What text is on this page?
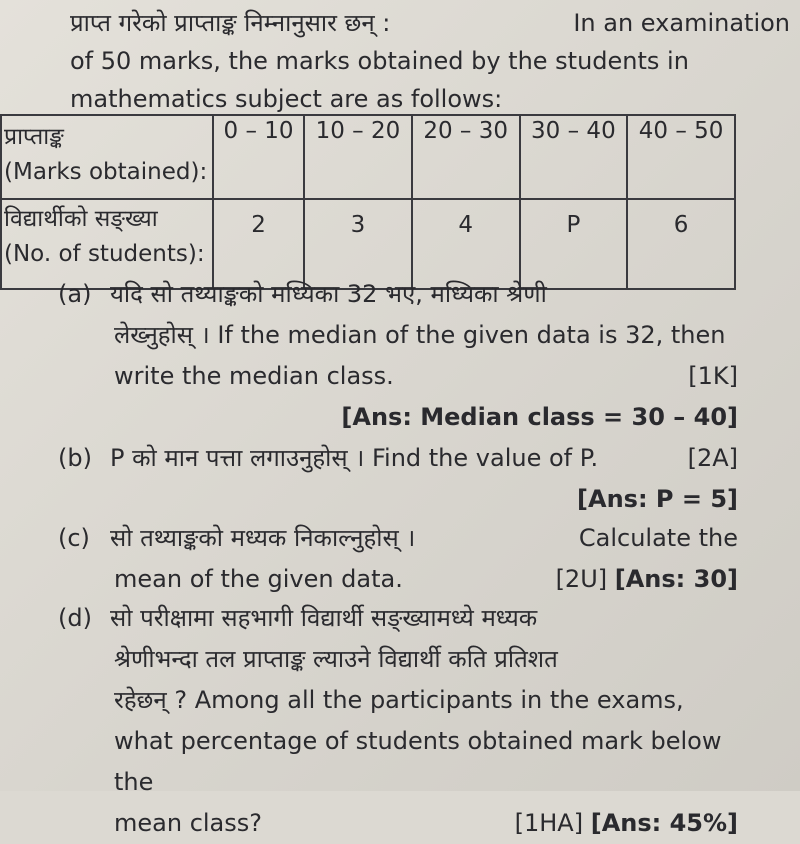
प्राप्त गरेको प्राप्ताङ्क निम्नानुसार छन् :	In an examination
of 50 marks, the marks obtained by the students in
mathematics subject are as follows:
प्राप्ताङ्क
(Marks obtained):	0 – 10	10 – 20	20 – 30	30 – 40	40 – 50

विद्यार्थीको सङ्ख्या
(No. of students):	2	3	4	P	6
(a) यदि सो तथ्याङ्कको मध्यिका 32 भए, मध्यिका श्रेणी
लेख्नुहोस् । If the median of the given data is 32, then
write the median class.	[1K]
[Ans: Median class = 30 – 40]
(b) P को मान पत्ता लगाउनुहोस् । Find the value of P.	[2A]
[Ans: P = 5]
(c) सो तथ्याङ्कको मध्यक निकाल्नुहोस् ।	Calculate the
mean of the given data.	[2U] [Ans: 30]
(d) सो परीक्षामा सहभागी विद्यार्थी सङ्ख्यामध्ये मध्यक
श्रेणीभन्दा तल प्राप्ताङ्क ल्याउने विद्यार्थी कति प्रतिशत
रहेछन् ? Among all the participants in the exams,
what percentage of students obtained mark below the
mean class?	[1HA] [Ans: 45%]
